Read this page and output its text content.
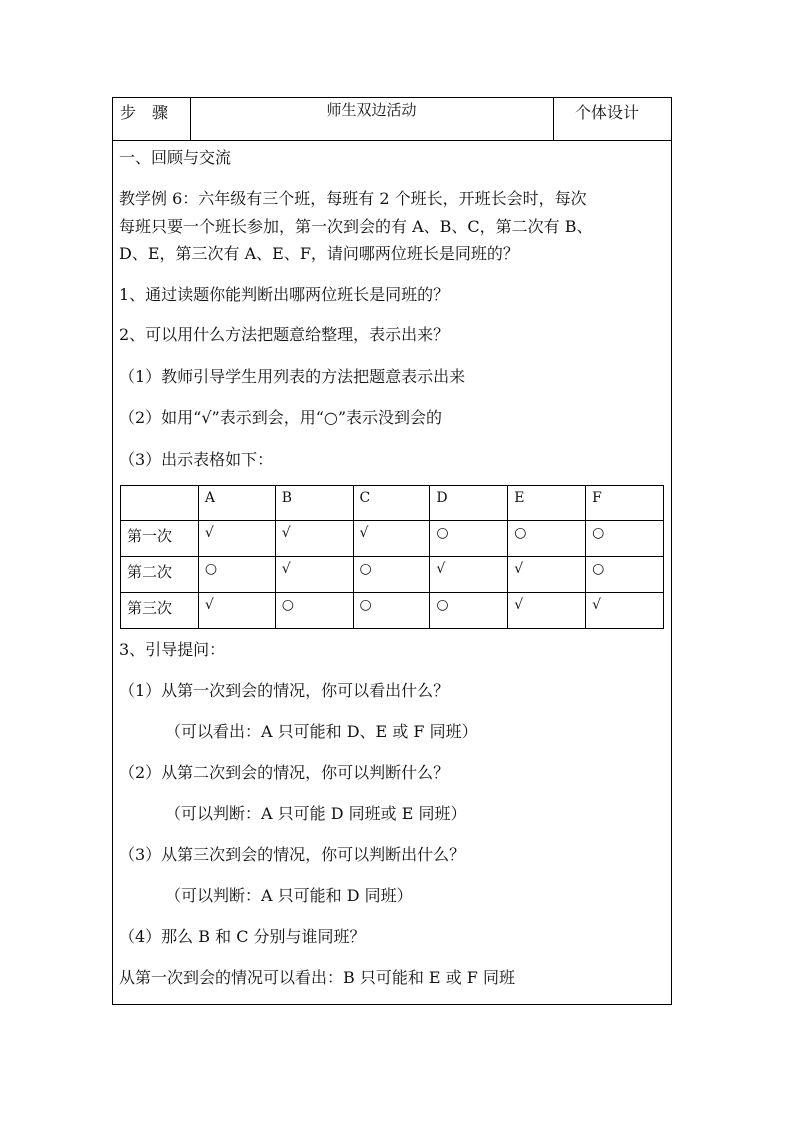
步　骤	师生双边活动	个体设计
一、回顾与交流
教学例 6：六年级有三个班，每班有 2 个班长，开班长会时，每次
每班只要一个班长参加，第一次到会的有 A、B、C，第二次有 B、
D、E，第三次有 A、E、F，请问哪两位班长是同班的？
1、通过读题你能判断出哪两位班长是同班的？
2、可以用什么方法把题意给整理，表示出来？
（1）教师引导学生用列表的方法把题意表示出来
（2）如用“√”表示到会，用“○”表示没到会的
（3）出示表格如下：
	A	B	C	D	E	F
第一次	√	√	√	○	○	○
第二次	○	√	○	√	√	○
第三次	√	○	○	○	√	√
3、引导提问：
（1）从第一次到会的情况，你可以看出什么？
（可以看出：A 只可能和 D、E 或 F 同班）
（2）从第二次到会的情况，你可以判断什么？
（可以判断：A 只可能 D 同班或 E 同班）
（3）从第三次到会的情况，你可以判断出什么？
（可以判断：A 只可能和 D 同班）
（4）那么 B 和 C 分别与谁同班？
从第一次到会的情况可以看出：B 只可能和 E 或 F 同班
